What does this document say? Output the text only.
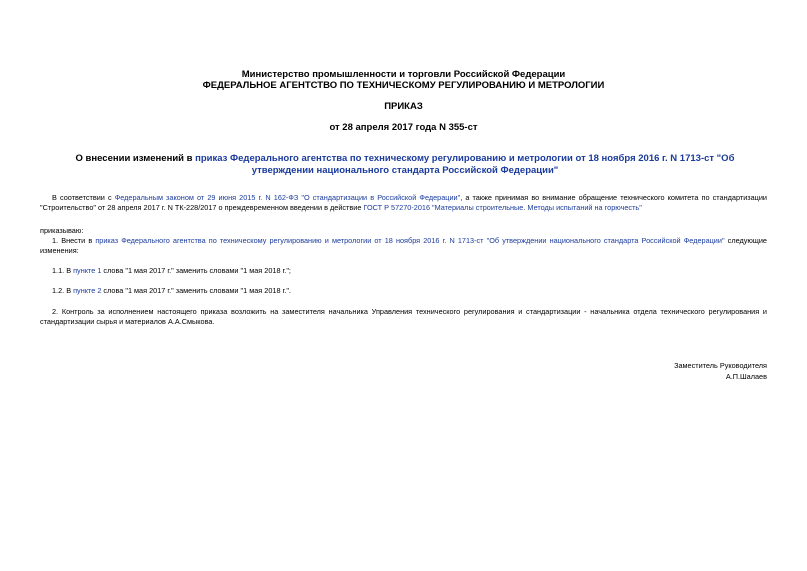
Министерство промышленности и торговли Российской Федерации
ФЕДЕРАЛЬНОЕ АГЕНТСТВО ПО ТЕХНИЧЕСКОМУ РЕГУЛИРОВАНИЮ И МЕТРОЛОГИИ
ПРИКАЗ
от 28 апреля 2017 года N 355-ст
О внесении изменений в приказ Федерального агентства по техническому регулированию и метрологии от 18 ноября 2016 г. N 1713-ст "Об утверждении национального стандарта Российской Федерации"
В соответствии с Федеральным законом от 29 июня 2015 г. N 162-ФЗ "О стандартизации в Российской Федерации", а также принимая во внимание обращение технического комитета по стандартизации "Строительство" от 28 апреля 2017 г. N ТК-228/2017 о преждевременном введении в действие ГОСТ Р 57270-2016 "Материалы строительные. Методы испытаний на горючесть"
приказываю:
1. Внести в приказ Федерального агентства по техническому регулированию и метрологии от 18 ноября 2016 г. N 1713-ст "Об утверждении национального стандарта Российской Федерации" следующие изменения:
1.1. В пункте 1 слова "1 мая 2017 г." заменить словами "1 мая 2018 г.";
1.2. В пункте 2 слова "1 мая 2017 г." заменить словами "1 мая 2018 г.".
2. Контроль за исполнением настоящего приказа возложить на заместителя начальника Управления технического регулирования и стандартизации - начальника отдела технического регулирования и стандартизации сырья и материалов А.А.Смыкова.
Заместитель Руководителя
А.П.Шалаев
